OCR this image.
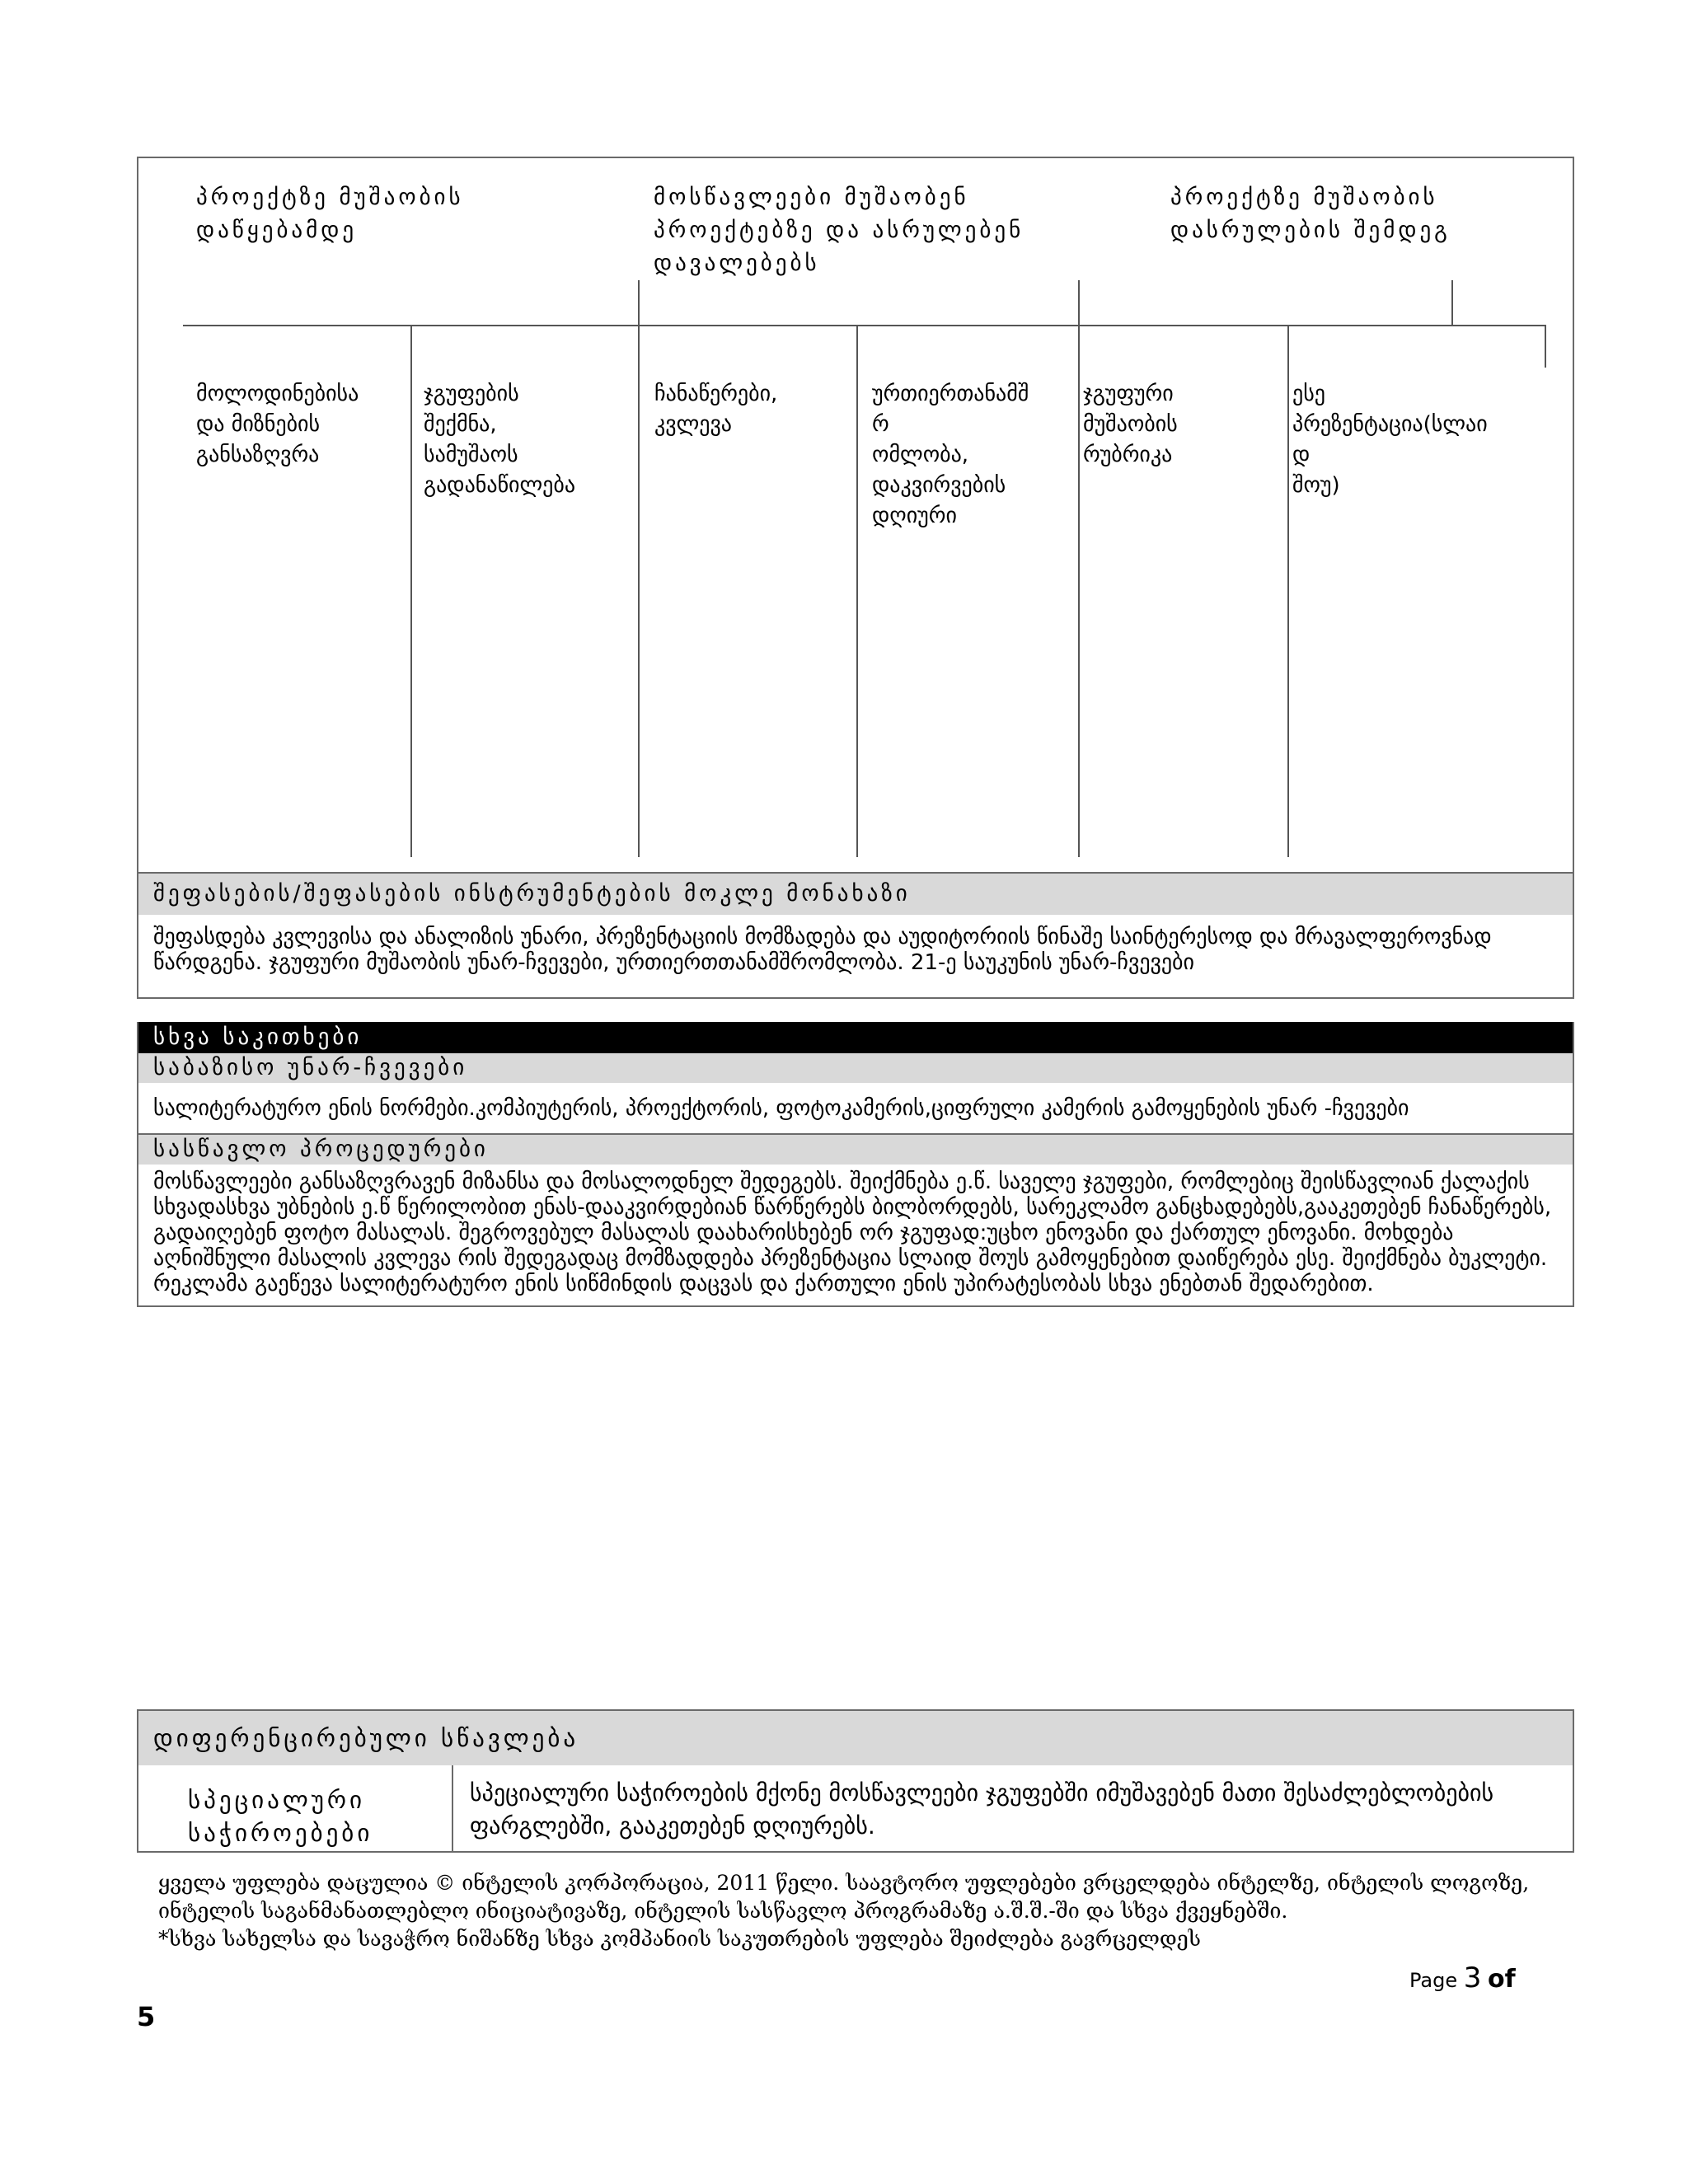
პროექტზე მუშაობის
დაწყებამდე
მოსწავლეები მუშაობენ
პროექტებზე და ასრულებენ
დავალებებს
პროექტზე მუშაობის
დასრულების შემდეგ
მოლოდინებისა
და მიზნების
განსაზღვრა
ჯგუფების
შექმნა,
სამუშაოს
გადანაწილება
ჩანაწერები,
კვლევა
ურთიერთანამშ
რ
ომლობა,
დაკვირვების
დღიური
ჯგუფური
მუშაობის
რუბრიკა
ესე
პრეზენტაცია(სლაი
დ
შოუ)
შეფასების/შეფასების ინსტრუმენტების მოკლე მონახაზი
შეფასდება კვლევისა და ანალიზის უნარი, პრეზენტაციის მომზადება და აუდიტორიის წინაშე საინტერესოდ და მრავალფეროვნად წარდგენა. ჯგუფური მუშაობის უნარ-ჩვევები, ურთიერთთანამშრომლობა. 21-ე საუკუნის უნარ-ჩვევები
სხვა საკითხები
საბაზისო უნარ-ჩვევები
სალიტერატურო ენის ნორმები.კომპიუტერის, პროექტორის, ფოტოკამერის,ციფრული კამერის გამოყენების უნარ -ჩვევები
სასწავლო პროცედურები
მოსწავლეები განსაზღვრავენ მიზანსა და მოსალოდნელ შედეგებს. შეიქმნება ე.წ. საველე ჯგუფები, რომლებიც შეისწავლიან ქალაქის სხვადასხვა უბნების ე.წ წერილობით ენას-დააკვირდებიან წარწერებს ბილბორდებს, სარეკლამო განცხადებებს,გააკეთებენ ჩანაწერებს, გადაიღებენ ფოტო მასალას. შეგროვებულ მასალას დაახარისხებენ ორ ჯგუფად:უცხო ენოვანი და ქართულ ენოვანი. მოხდება აღნიშნული მასალის კვლევა რის შედეგადაც მომზადდება პრეზენტაცია სლაიდ შოუს გამოყენებით დაიწერება ესე. შეიქმნება ბუკლეტი. რეკლამა გაეწევა სალიტერატურო ენის სიწმინდის დაცვას და ქართული ენის უპირატესობას სხვა ენებთან შედარებით.
დიფერენცირებული სწავლება
სპეციალური
საჭიროებები
სპეციალური საჭიროების მქონე მოსწავლეები ჯგუფებში იმუშავებენ მათი შესაძლებლობების ფარგლებში, გააკეთებენ დღიურებს.
ყველა უფლება დაცულია © ინტელის კორპორაცია, 2011 წელი. საავტორო უფლებები ვრცელდება ინტელზე, ინტელის ლოგოზე, ინტელის საგანმანათლებლო ინიციატივაზე, ინტელის სასწავლო პროგრამაზე ა.შ.შ.-ში და სხვა ქვეყნებში.
*სხვა სახელსა და სავაჭრო ნიშანზე სხვა კომპანიის საკუთრების უფლება შეიძლება გავრცელდეს
Page 3 of
5
